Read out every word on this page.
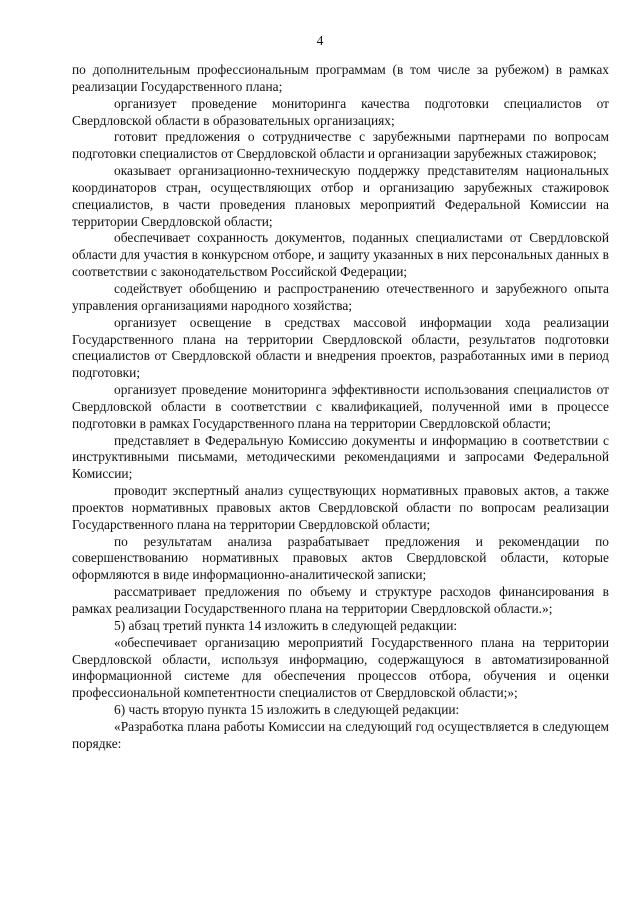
4

по дополнительным профессиональным программам (в том числе за рубежом) в рамках реализации Государственного плана;

организует проведение мониторинга качества подготовки специалистов от Свердловской области в образовательных организациях;

готовит предложения о сотрудничестве с зарубежными партнерами по вопросам подготовки специалистов от Свердловской области и организации зарубежных стажировок;

оказывает организационно-техническую поддержку представителям национальных координаторов стран, осуществляющих отбор и организацию зарубежных стажировок специалистов, в части проведения плановых мероприятий Федеральной Комиссии на территории Свердловской области;

обеспечивает сохранность документов, поданных специалистами от Свердловской области для участия в конкурсном отборе, и защиту указанных в них персональных данных в соответствии с законодательством Российской Федерации;

содействует обобщению и распространению отечественного и зарубежного опыта управления организациями народного хозяйства;

организует освещение в средствах массовой информации хода реализации Государственного плана на территории Свердловской области, результатов подготовки специалистов от Свердловской области и внедрения проектов, разработанных ими в период подготовки;

организует проведение мониторинга эффективности использования специалистов от Свердловской области в соответствии с квалификацией, полученной ими в процессе подготовки в рамках Государственного плана на территории Свердловской области;

представляет в Федеральную Комиссию документы и информацию в соответствии с инструктивными письмами, методическими рекомендациями и запросами Федеральной Комиссии;

проводит экспертный анализ существующих нормативных правовых актов, а также проектов нормативных правовых актов Свердловской области по вопросам реализации Государственного плана на территории Свердловской области;

по результатам анализа разрабатывает предложения и рекомендации по совершенствованию нормативных правовых актов Свердловской области, которые оформляются в виде информационно-аналитической записки;

рассматривает предложения по объему и структуре расходов финансирования в рамках реализации Государственного плана на территории Свердловской области.»;

5) абзац третий пункта 14 изложить в следующей редакции:

«обеспечивает организацию мероприятий Государственного плана на территории Свердловской области, используя информацию, содержащуюся в автоматизированной информационной системе для обеспечения процессов отбора, обучения и оценки профессиональной компетентности специалистов от Свердловской области;»;

6) часть вторую пункта 15 изложить в следующей редакции:

«Разработка плана работы Комиссии на следующий год осуществляется в следующем порядке:
